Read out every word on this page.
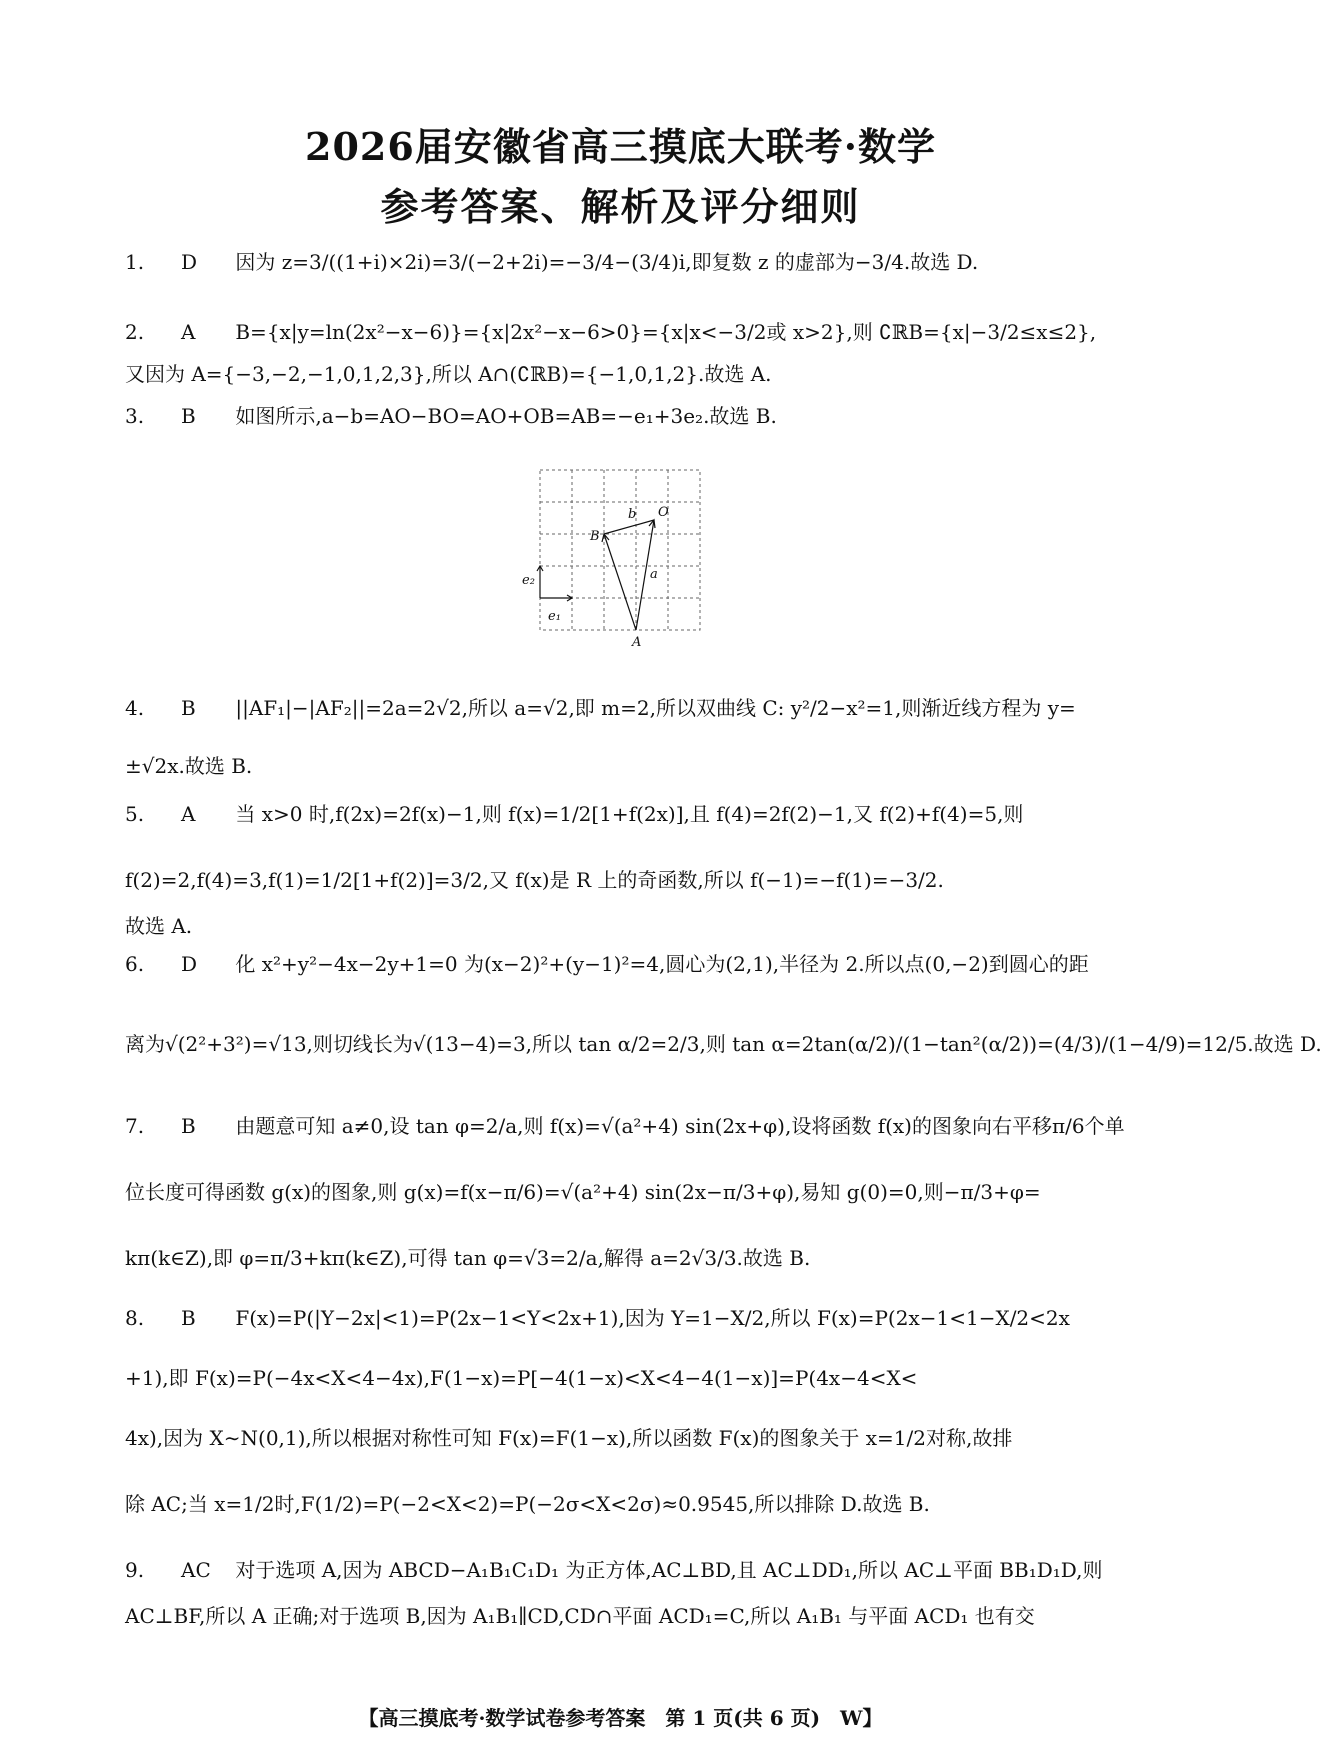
2026届安徽省高三摸底大联考·数学
参考答案、解析及评分细则
1. D 因为 z=3/((1+i)×2i)=3/(−2+2i)=−3/4−(3/4)i,即复数 z 的虚部为−3/4.故选 D.
2. A B={x|y=ln(2x²−x−6)}={x|2x²−x−6>0}={x|x<−3/2或 x>2},则 ∁ℝB={x|−3/2≤x≤2},
又因为 A={−3,−2,−1,0,1,2,3},所以 A∩(∁ℝB)={−1,0,1,2}.故选 A.
3. B 如图所示,a−b=AO−BO=AO+OB=AB=−e₁+3e₂.故选 B.
b O
B
a
A
e₂
e₁
4. B ||AF₁|−|AF₂||=2a=2√2,所以 a=√2,即 m=2,所以双曲线 C: y²/2−x²=1,则渐近线方程为 y=
±√2x.故选 B.
5. A 当 x>0 时,f(2x)=2f(x)−1,则 f(x)=1/2[1+f(2x)],且 f(4)=2f(2)−1,又 f(2)+f(4)=5,则
f(2)=2,f(4)=3,f(1)=1/2[1+f(2)]=3/2,又 f(x)是 R 上的奇函数,所以 f(−1)=−f(1)=−3/2.
故选 A.
6. D 化 x²+y²−4x−2y+1=0 为(x−2)²+(y−1)²=4,圆心为(2,1),半径为 2.所以点(0,−2)到圆心的距
离为√(2²+3²)=√13,则切线长为√(13−4)=3,所以 tan α/2=2/3,则 tan α=2tan(α/2)/(1−tan²(α/2))=(4/3)/(1−4/9)=12/5.故选 D.
7. B 由题意可知 a≠0,设 tan φ=2/a,则 f(x)=√(a²+4) sin(2x+φ),设将函数 f(x)的图象向右平移π/6个单
位长度可得函数 g(x)的图象,则 g(x)=f(x−π/6)=√(a²+4) sin(2x−π/3+φ),易知 g(0)=0,则−π/3+φ=
kπ(k∈Z),即 φ=π/3+kπ(k∈Z),可得 tan φ=√3=2/a,解得 a=2√3/3.故选 B.
8. B F(x)=P(|Y−2x|<1)=P(2x−1<Y<2x+1),因为 Y=1−X/2,所以 F(x)=P(2x−1<1−X/2<2x
+1),即 F(x)=P(−4x<X<4−4x),F(1−x)=P[−4(1−x)<X<4−4(1−x)]=P(4x−4<X<
4x),因为 X∼N(0,1),所以根据对称性可知 F(x)=F(1−x),所以函数 F(x)的图象关于 x=1/2对称,故排
除 AC;当 x=1/2时,F(1/2)=P(−2<X<2)=P(−2σ<X<2σ)≈0.9545,所以排除 D.故选 B.
9. AC 对于选项 A,因为 ABCD−A₁B₁C₁D₁ 为正方体,AC⊥BD,且 AC⊥DD₁,所以 AC⊥平面 BB₁D₁D,则
AC⊥BF,所以 A 正确;对于选项 B,因为 A₁B₁∥CD,CD∩平面 ACD₁=C,所以 A₁B₁ 与平面 ACD₁ 也有交
【高三摸底考·数学试卷参考答案　第 1 页(共 6 页)　W】
